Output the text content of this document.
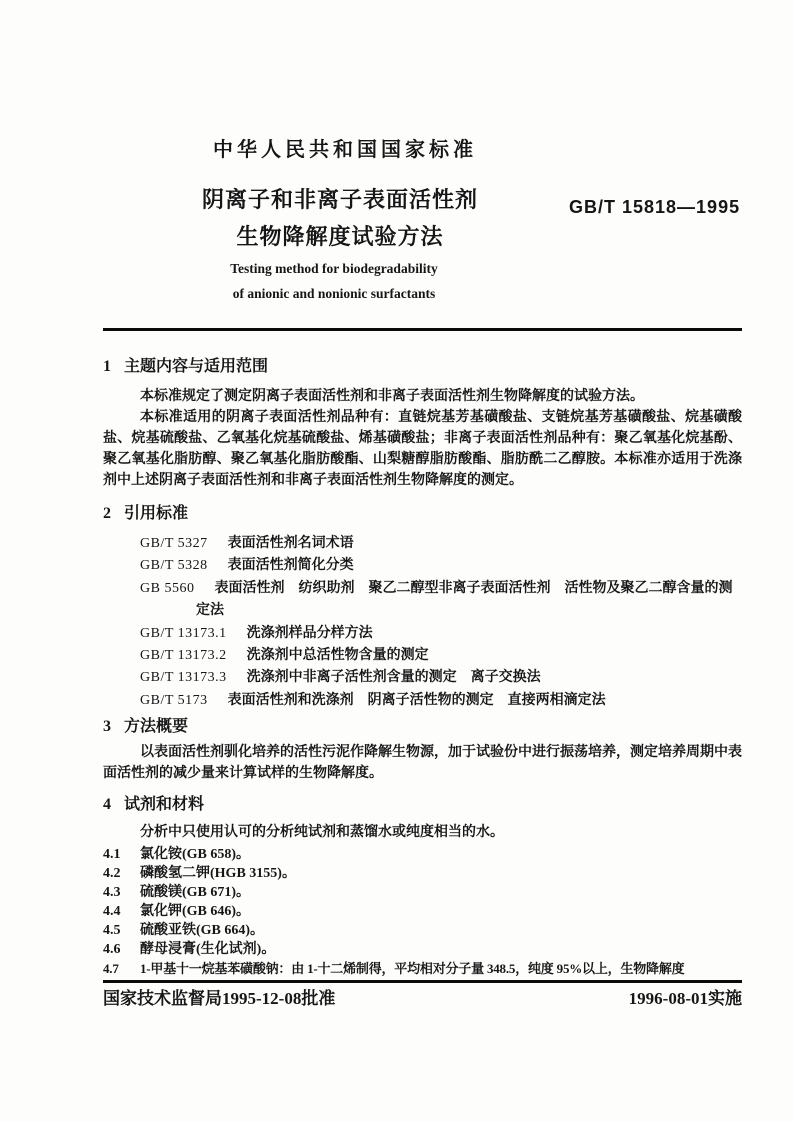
中华人民共和国国家标准
阴离子和非离子表面活性剂
生物降解度试验方法
GB/T 15818—1995
Testing method for biodegradability
of anionic and nonionic surfactants
1 主题内容与适用范围

本标准规定了测定阴离子表面活性剂和非离子表面活性剂生物降解度的试验方法。

本标准适用的阴离子表面活性剂品种有：直链烷基芳基磺酸盐、支链烷基芳基磺酸盐、烷基磺酸盐、烷基硫酸盐、乙氧基化烷基硫酸盐、烯基磺酸盐；非离子表面活性剂品种有：聚乙氧基化烷基酚、聚乙氧基化脂肪醇、聚乙氧基化脂肪酸酯、山梨糖醇脂肪酸酯、脂肪酰二乙醇胺。本标准亦适用于洗涤剂中上述阴离子表面活性剂和非离子表面活性剂生物降解度的测定。

2 引用标准
GB/T 5327 表面活性剂名词术语
GB/T 5328 表面活性剂简化分类
GB 5560 表面活性剂　纺织助剂　聚乙二醇型非离子表面活性剂　活性物及聚乙二醇含量的测定法
GB/T 13173.1 洗涤剂样品分样方法
GB/T 13173.2 洗涤剂中总活性物含量的测定
GB/T 13173.3 洗涤剂中非离子活性剂含量的测定　离子交换法
GB/T 5173 表面活性剂和洗涤剂　阴离子活性物的测定　直接两相滴定法
3 方法概要

以表面活性剂驯化培养的活性污泥作降解生物源，加于试验份中进行振荡培养，测定培养周期中表面活性剂的减少量来计算试样的生物降解度。

4 试剂和材料

分析中只使用认可的分析纯试剂和蒸馏水或纯度相当的水。

4.1 氯化铵(GB 658)。
4.2 磷酸氢二钾(HGB 3155)。
4.3 硫酸镁(GB 671)。
4.4 氯化钾(GB 646)。
4.5 硫酸亚铁(GB 664)。
4.6 酵母浸膏(生化试剂)。
4.7 1-甲基十一烷基苯磺酸钠：由 1-十二烯制得，平均相对分子量 348.5，纯度 95%以上，生物降解度
国家技术监督局1995-12-08批准	1996-08-01实施
